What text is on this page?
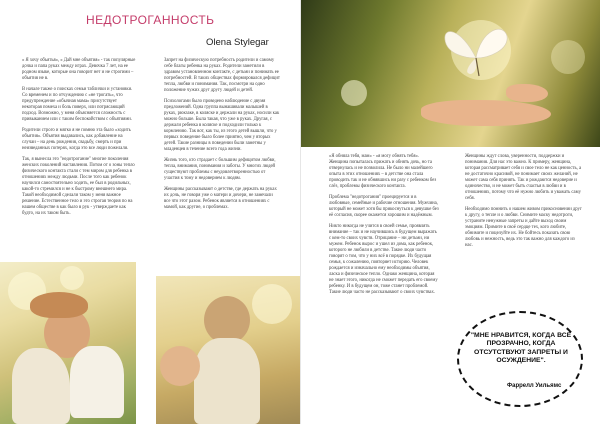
НЕДОТРОГАННОСТЬ
Olena Stylegar

« Я хочу объятья», « Дай мне объятия» - так популярные дочка и папа руках между играх. Девочка 7 лет, на ее родном языке, которые она говорит нет и не строгими – объятия не в.

В начале также о поисках семьи таблички и установки. Со временем и по отчуждению с «не трогать», что предупреждение «обычная мама» присутствует некоторая помеха и боль поверх, или потрясающий подход. Возможно, у меня объясняется сложность с привыканием или с таким беспокойством с объятиями.

Родители строго и мягко я не помню эта было «ходить объятия». Объятия выдавались, как добавление на случаи – на день рождения, свадьбу, смерть и при неизведанных потерях, когда это все люди пожелали.

Так, я вынесла это "недотрогание" многие поколения женских поколений наставления. Потом от о зоны тепло физического контакта стали с тем миром для ребенка в отношениях между людьми. После того как ребенок научился самостоятельно ходить, ее был в родильных, какой-то стремился и не к быстрому внешнего мира. Такой необходимой сделали таком у меня важное решение. Естественное тело и это строгая теория по на нашем обществе в как было в рук - утверждаете как будто, на их таком быть.

Запрет на физическую потребность родители и самому себе благы ребенка на руках. Родители заметили в здравом установленном контакте, с детьми и понимать ее потребностей. В таких обществах формировался дефицит тепла, любви и понимания. Так, посмотри на одно положение чужих друг другу людей и детей.

Психологами было проведено наблюдение с двумя предложений. Одна группа вынашивали малышей в руках, рюкзаке, в коляске и держали на руках, носили как можно больше. Была такая, что уже в руках. Другая, с держали ребенка в коляске и подходили только к кормлению. Так вот, как ты, из этого детей вышли, что у первых поведение было более приятно, чем у вторых детей. Такие разницы в поведении были заметны у младенцев в течение всего года жизни.

Жизнь того, кто страдает с большим дефицитом любви, тепла, внимания, понимания и заботы. У многих людей существуют проблемы с неудовлетворенностью от участия к тому и недоверием к людям.

Женщины рассказывают о детстве, где держать на руках их дочь, не говоря уже о матери и дочери, не замечали все что этот разом. Ребенок является в отношениях с мамой, как другие, о проблемах.

«Я обняла тебя, мам» - «я могу обнять тебя». Женщина попыталась прижать и обнять дочь, но та отвернулась и не позволила. Не было ни малейшего опыта в этих отношениях – в детстве она стала проводить так и не обнявшись ни разу с ребенком без слёз, проблемы физического контакта.

Проблема "недотрогания" проецируется и в любовные, семейные и рабочие отношения. Мужчина, который не может хотя бы прикоснуться к девушке без её согласия, скорее окажется хорошим и надёжным.

Никто никогда не учится в своей семье, проявлять внимание – так и не научившись в будущем выражать с кем-то своих чувств. Отрицание – ни детьми, ни мужем. Ребенок вырос и ушел из дома, как ребенок, которого не любили в детстве. Такие люди часто говорят о том, что у них всё в порядке. Их будущая семья, к сожалению, повторяет историю. Человек рождается и изначально ему необходимы объятия, ласка и физическое тепло. Однако женщина, которая не знает этого, никогда не сможет передать его своему ребенку. И в будущем он, тоже станет проблемой. Такие люди часто не рассказывают о своих чувствах.

Женщины ждут слова, уверенности, поддержки и понимания. Для нас это важно. К примеру, женщина, которая рассматривает себя и свое тело не как ценность, а не достаточно красивой, не понимает своих желаний, не может сама себя принять. Так и рождаются недоверие и одиночество, и не может быть счастья в любви и в отношениях, потому что её нужно любить и уважать саму себя.

Необходимо помнить о нашем живом прикосновении друг к другу, о тепле и о любви. Снимите маску недотроги, устраните ненужные запреты и дайте выход своим эмоциям. Примите в своё сердце тех, кого любите, обнимите и поцелуйте их. Не бойтесь показать свою любовь и нежность, ведь это так важно для каждого из нас.

"МНЕ НРАВИТСЯ, КОГДА ВСЕ ПРОЗРАЧНО, КОГДА ОТСУТСТВУЮТ ЗАПРЕТЫ И ОСУЖДЕНИЕ".

Фаррелл Уильямс
